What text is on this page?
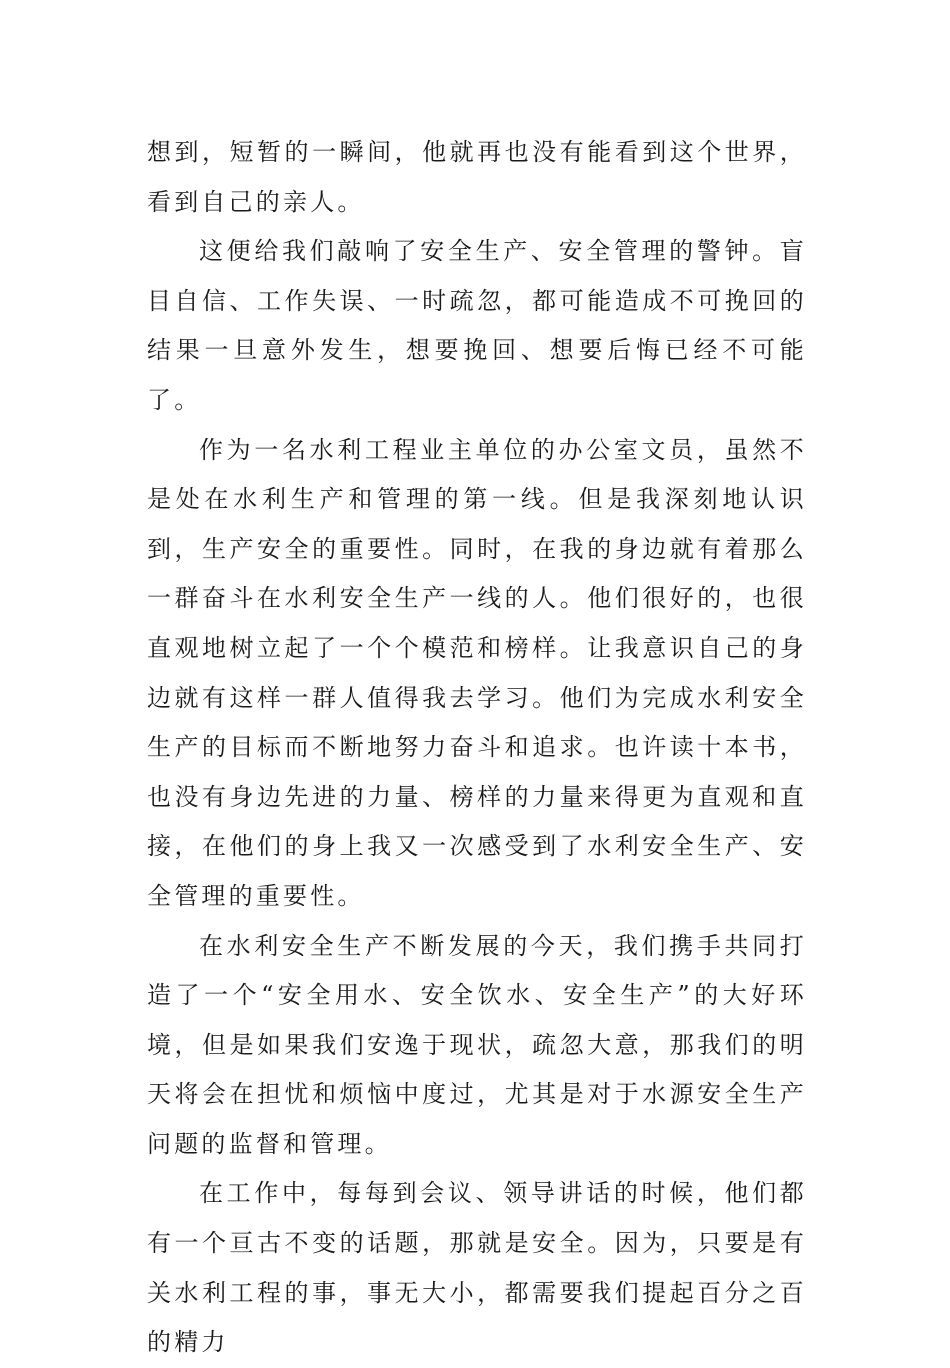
想到，短暂的一瞬间，他就再也没有能看到这个世界，看到自己的亲人。

这便给我们敲响了安全生产、安全管理的警钟。盲目自信、工作失误、一时疏忽，都可能造成不可挽回的结果一旦意外发生，想要挽回、想要后悔已经不可能了。

作为一名水利工程业主单位的办公室文员，虽然不是处在水利生产和管理的第一线。但是我深刻地认识到，生产安全的重要性。同时，在我的身边就有着那么一群奋斗在水利安全生产一线的人。他们很好的，也很直观地树立起了一个个模范和榜样。让我意识自己的身边就有这样一群人值得我去学习。他们为完成水利安全生产的目标而不断地努力奋斗和追求。也许读十本书，也没有身边先进的力量、榜样的力量来得更为直观和直接，在他们的身上我又一次感受到了水利安全生产、安全管理的重要性。

在水利安全生产不断发展的今天，我们携手共同打造了一个“安全用水、安全饮水、安全生产”的大好环境，但是如果我们安逸于现状，疏忽大意，那我们的明天将会在担忧和烦恼中度过，尤其是对于水源安全生产问题的监督和管理。

在工作中，每每到会议、领导讲话的时候，他们都有一个亘古不变的话题，那就是安全。因为，只要是有关水利工程的事，事无大小，都需要我们提起百分之百的精力
